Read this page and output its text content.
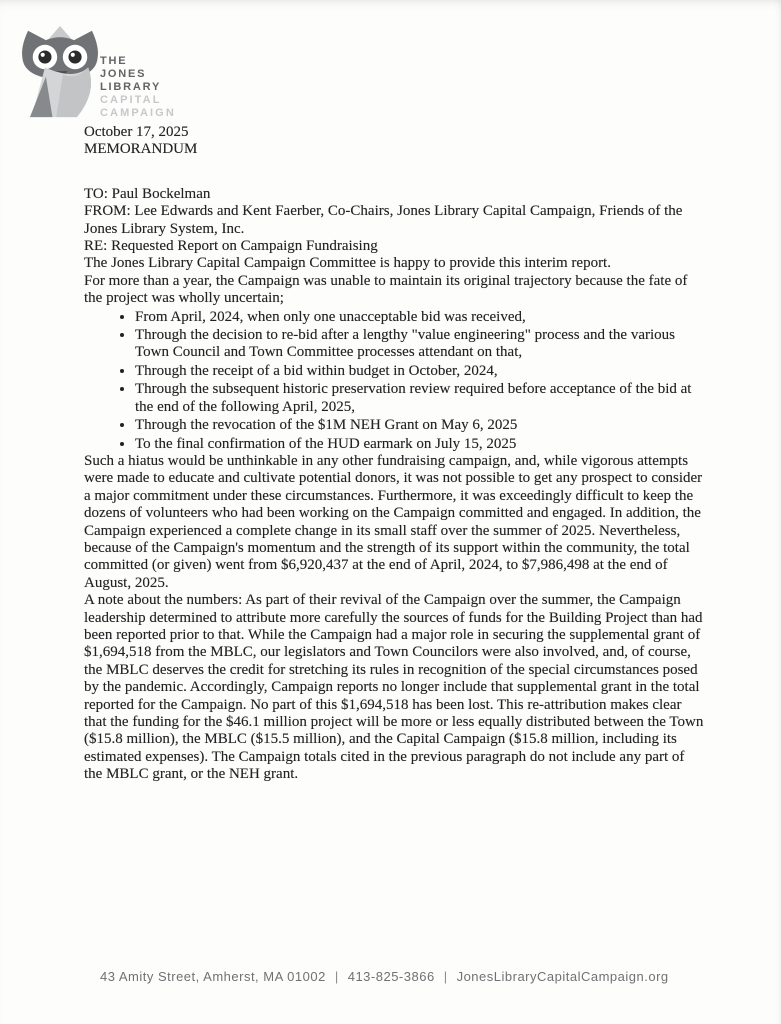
THE
JONES
LIBRARY
CAPITAL
CAMPAIGN

October 17, 2025

MEMORANDUM

TO: Paul Bockelman

FROM: Lee Edwards and Kent Faerber, Co-Chairs, Jones Library Capital Campaign, Friends of the Jones Library System, Inc.

RE: Requested Report on Campaign Fundraising

The Jones Library Capital Campaign Committee is happy to provide this interim report.

For more than a year, the Campaign was unable to maintain its original trajectory because the fate of the project was wholly uncertain;

• From April, 2024, when only one unacceptable bid was received,
• Through the decision to re-bid after a lengthy "value engineering" process and the various Town Council and Town Committee processes attendant on that,
• Through the receipt of a bid within budget in October, 2024,
• Through the subsequent historic preservation review required before acceptance of the bid at the end of the following April, 2025,
• Through the revocation of the $1M NEH Grant on May 6, 2025
• To the final confirmation of the HUD earmark on July 15, 2025

Such a hiatus would be unthinkable in any other fundraising campaign, and, while vigorous attempts were made to educate and cultivate potential donors, it was not possible to get any prospect to consider a major commitment under these circumstances. Furthermore, it was exceedingly difficult to keep the dozens of volunteers who had been working on the Campaign committed and engaged. In addition, the Campaign experienced a complete change in its small staff over the summer of 2025. Nevertheless, because of the Campaign's momentum and the strength of its support within the community, the total committed (or given) went from $6,920,437 at the end of April, 2024, to $7,986,498 at the end of August, 2025.

A note about the numbers: As part of their revival of the Campaign over the summer, the Campaign leadership determined to attribute more carefully the sources of funds for the Building Project than had been reported prior to that. While the Campaign had a major role in securing the supplemental grant of $1,694,518 from the MBLC, our legislators and Town Councilors were also involved, and, of course, the MBLC deserves the credit for stretching its rules in recognition of the special circumstances posed by the pandemic. Accordingly, Campaign reports no longer include that supplemental grant in the total reported for the Campaign. No part of this $1,694,518 has been lost. This re-attribution makes clear that the funding for the $46.1 million project will be more or less equally distributed between the Town ($15.8 million), the MBLC ($15.5 million), and the Capital Campaign ($15.8 million, including its estimated expenses). The Campaign totals cited in the previous paragraph do not include any part of the MBLC grant, or the NEH grant.

43 Amity Street, Amherst, MA 01002 | 413-825-3866 | JonesLibraryCapitalCampaign.org
